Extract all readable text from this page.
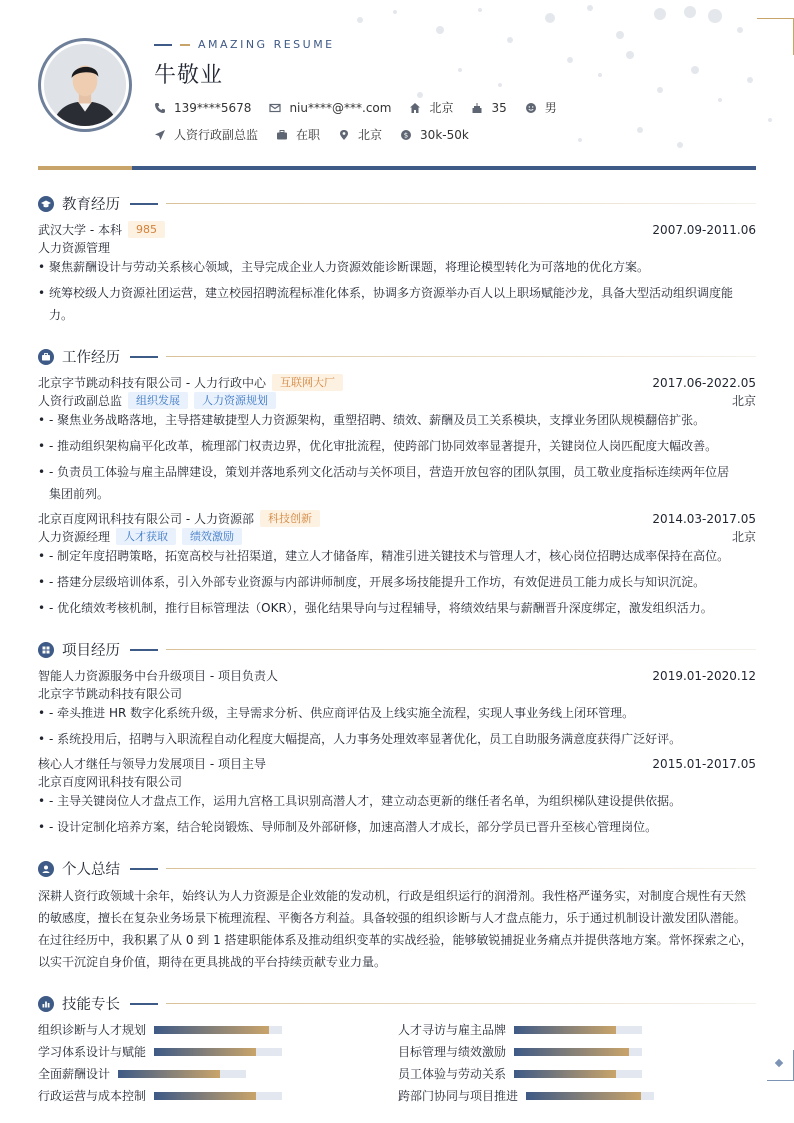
AMAZING RESUME
牛敬业
139****5678	niu****@***.com	北京	35	男
人资行政副总监	在职	北京	$ 30k-50k
教育经历
武汉大学 - 本科	985	2007.09-2011.06
人力资源管理
• 聚焦薪酬设计与劳动关系核心领域，主导完成企业人力资源效能诊断课题，将理论模型转化为可落地的优化方案。
• 统筹校级人力资源社团运营，建立校园招聘流程标准化体系，协调多方资源举办百人以上职场赋能沙龙，具备大型活动组织调度能力。
工作经历
北京字节跳动科技有限公司 - 人力行政中心	互联网大厂	2017.06-2022.05
人资行政副总监	组织发展	人力资源规划	北京
• - 聚焦业务战略落地，主导搭建敏捷型人力资源架构，重塑招聘、绩效、薪酬及员工关系模块，支撑业务团队规模翻倍扩张。
• - 推动组织架构扁平化改革，梳理部门权责边界，优化审批流程，使跨部门协同效率显著提升，关键岗位人岗匹配度大幅改善。
• - 负责员工体验与雇主品牌建设，策划并落地系列文化活动与关怀项目，营造开放包容的团队氛围，员工敬业度指标连续两年位居集团前列。
北京百度网讯科技有限公司 - 人力资源部	科技创新	2014.03-2017.05
人力资源经理	人才获取	绩效激励	北京
• - 制定年度招聘策略，拓宽高校与社招渠道，建立人才储备库，精准引进关键技术与管理人才，核心岗位招聘达成率保持在高位。
• - 搭建分层级培训体系，引入外部专业资源与内部讲师制度，开展多场技能提升工作坊，有效促进员工能力成长与知识沉淀。
• - 优化绩效考核机制，推行目标管理法（OKR），强化结果导向与过程辅导，将绩效结果与薪酬晋升深度绑定，激发组织活力。
项目经历
智能人力资源服务中台升级项目 - 项目负责人	2019.01-2020.12
北京字节跳动科技有限公司
• - 牵头推进 HR 数字化系统升级，主导需求分析、供应商评估及上线实施全流程，实现人事业务线上闭环管理。
• - 系统投用后，招聘与入职流程自动化程度大幅提高，人力事务处理效率显著优化，员工自助服务满意度获得广泛好评。
核心人才继任与领导力发展项目 - 项目主导	2015.01-2017.05
北京百度网讯科技有限公司
• - 主导关键岗位人才盘点工作，运用九宫格工具识别高潜人才，建立动态更新的继任者名单，为组织梯队建设提供依据。
• - 设计定制化培养方案，结合轮岗锻炼、导师制及外部研修，加速高潜人才成长，部分学员已晋升至核心管理岗位。
个人总结
深耕人资行政领域十余年，始终认为人力资源是企业效能的发动机，行政是组织运行的润滑剂。我性格严谨务实，对制度合规性有天然的敏感度，擅长在复杂业务场景下梳理流程、平衡各方利益。具备较强的组织诊断与人才盘点能力，乐于通过机制设计激发团队潜能。在过往经历中，我积累了从 0 到 1 搭建职能体系及推动组织变革的实战经验，能够敏锐捕捉业务痛点并提供落地方案。常怀探索之心，以实干沉淀自身价值，期待在更具挑战的平台持续贡献专业力量。
技能专长
组织诊断与人才规划	人才寻访与雇主品牌
学习体系设计与赋能	目标管理与绩效激励
全面薪酬设计	员工体验与劳动关系
行政运营与成本控制	跨部门协同与项目推进
